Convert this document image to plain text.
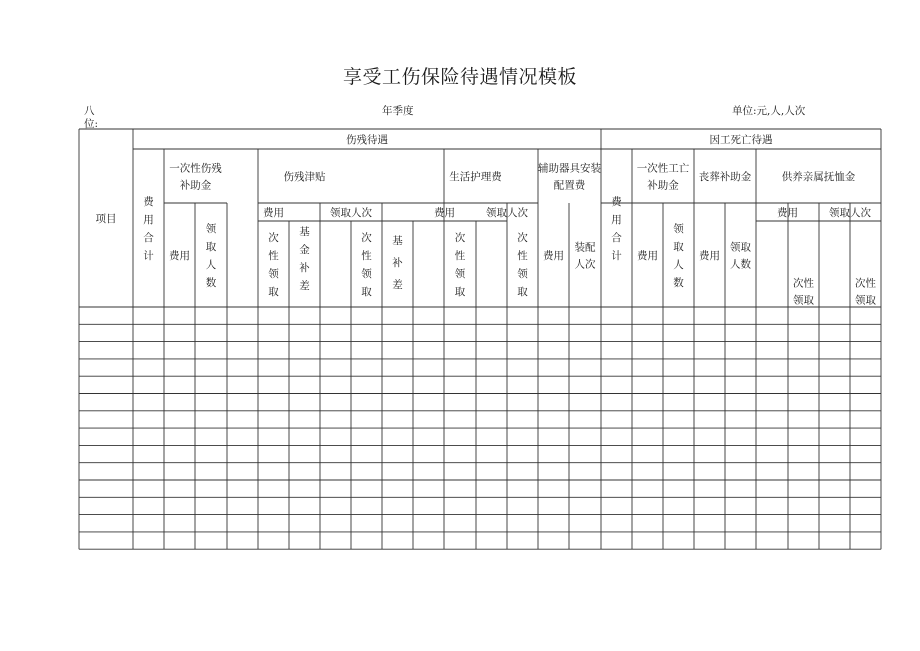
享受工伤保险待遇情况模板
八
位:
年季度	单位:元,人,人次
项目
伤残待遇
费用合计
一次性伤残补助金
费用
领取人数
伤残津贴
费用
次性领取
基金补差
领取人次
次性领取
基补差
生活护理费
费用
次性领取
领取人次
次性领取
辅助器具安装配置费
费用
装配人次
因工死亡待遇
费用合计
一次性工亡补助金
费用
领取人数
丧葬补助金
费用
领取人数
供养亲属抚恤金
费用
次性领取
领取人次
次性领取
